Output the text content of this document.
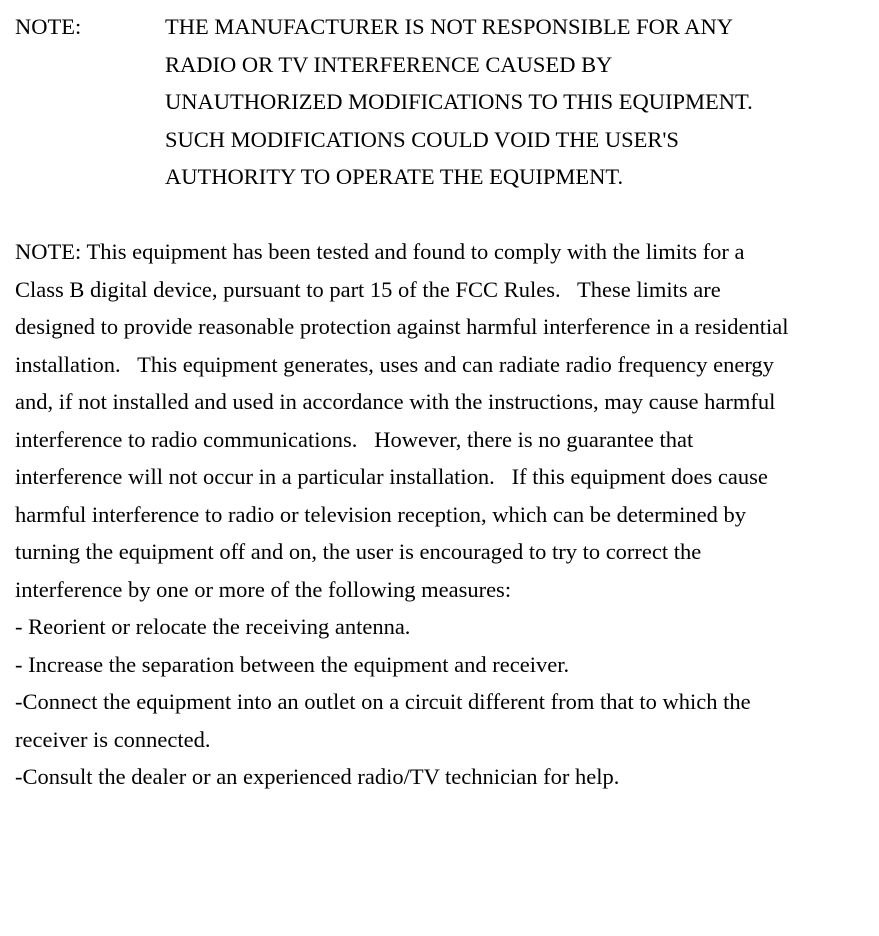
NOTE:	THE MANUFACTURER IS NOT RESPONSIBLE FOR ANY
RADIO OR TV INTERFERENCE CAUSED BY
UNAUTHORIZED MODIFICATIONS TO THIS EQUIPMENT.
SUCH MODIFICATIONS COULD VOID THE USER'S
AUTHORITY TO OPERATE THE EQUIPMENT.
NOTE: This equipment has been tested and found to comply with the limits for a
Class B digital device, pursuant to part 15 of the FCC Rules.   These limits are
designed to provide reasonable protection against harmful interference in a residential
installation.   This equipment generates, uses and can radiate radio frequency energy
and, if not installed and used in accordance with the instructions, may cause harmful
interference to radio communications.   However, there is no guarantee that
interference will not occur in a particular installation.   If this equipment does cause
harmful interference to radio or television reception, which can be determined by
turning the equipment off and on, the user is encouraged to try to correct the
interference by one or more of the following measures:
- Reorient or relocate the receiving antenna.
- Increase the separation between the equipment and receiver.
-Connect the equipment into an outlet on a circuit different from that to which the
receiver is connected.
-Consult the dealer or an experienced radio/TV technician for help.
